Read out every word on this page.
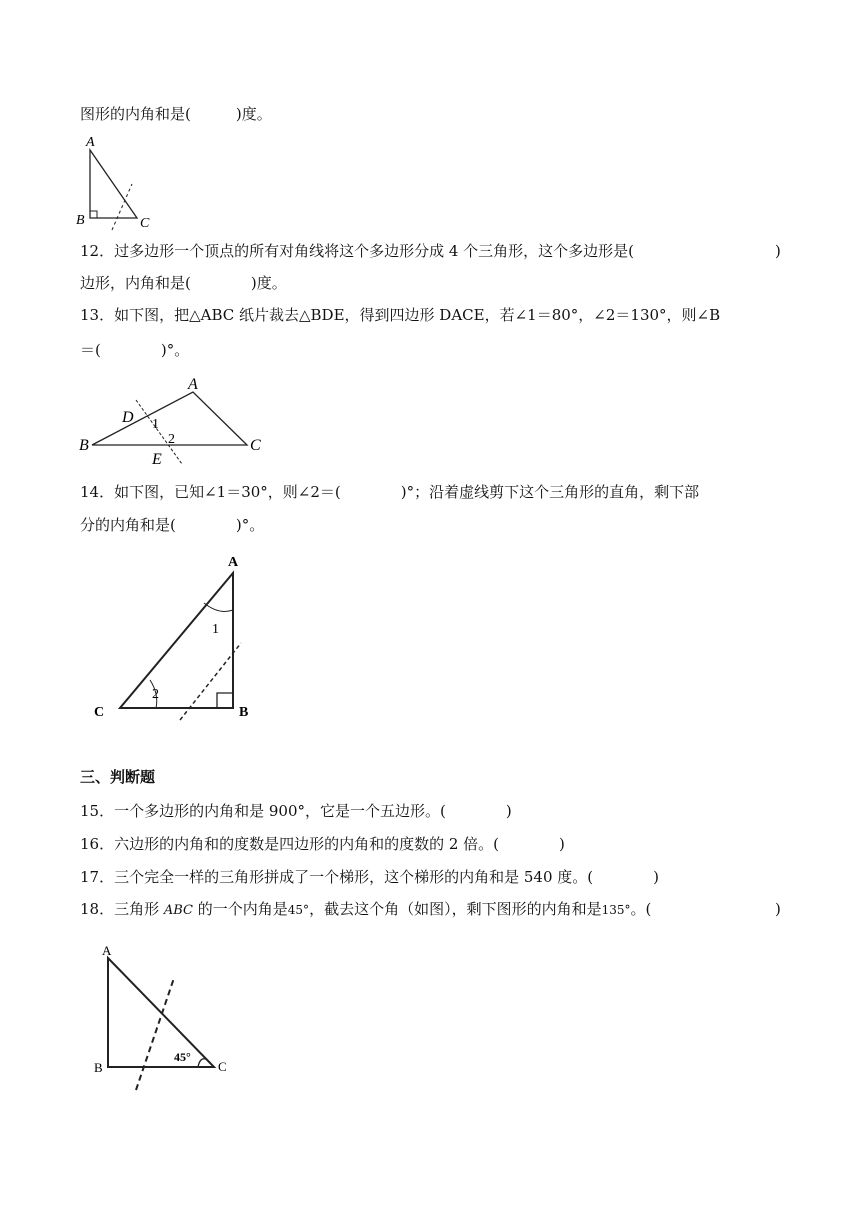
图形的内角和是(　　　)度。
A
B	C
12．过多边形一个顶点的所有对角线将这个多边形分成 4 个三角形，这个多边形是(	)
边形，内角和是(　　　　)度。
13．如下图，把△ABC 纸片裁去△BDE，得到四边形 DACE，若∠1＝80°，∠2＝130°，则∠B
＝(　　　　)°。
A
B	C
D
E
1
2
14．如下图，已知∠1＝30°，则∠2＝(　　　　)°；沿着虚线剪下这个三角形的直角，剩下部
分的内角和是(　　　　)°。
A
B
C
1
2
三、判断题
15．一个多边形的内角和是 900°，它是一个五边形。(　　　　)
16．六边形的内角和的度数是四边形的内角和的度数的 2 倍。(　　　　)
17．三个完全一样的三角形拼成了一个梯形，这个梯形的内角和是 540 度。(　　　　)
18．三角形 ABC 的一个内角是45°，截去这个角（如图），剩下图形的内角和是135°。(	)
A
B	C
45°
